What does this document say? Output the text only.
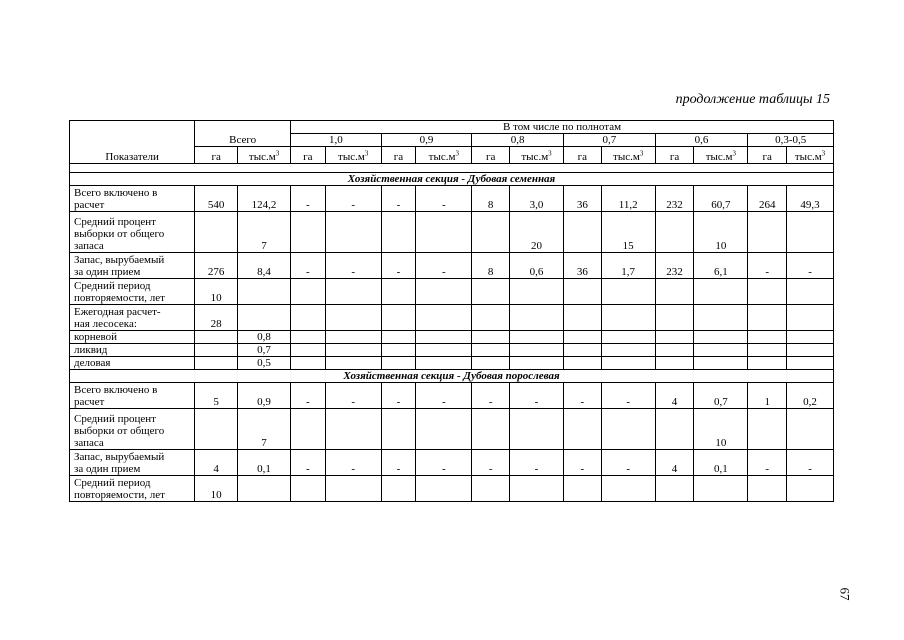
продолжение таблицы 15
Показатели	Всего		В том числе по полнотам											
			1,0		0,9		0,8		0,7		0,6		0,3-0,5	
	га	$тыс.м^3$	га	$тыс.м^3$	га	$тыс.м^3$	га	$тыс.м^3$	га	$тыс.м^3$	га	$тыс.м^3$	га	$тыс.м^3$

Хозяйственная секция - Дубовая семенная														
Всего включено в
расчет	540	124,2	-	-	-	-	8	3,0	36	11,2	232	60,7	264	49,3
Средний процент
выборки от общего
запаса		7						20		15		10		
Запас, вырубаемый
за один прием	276	8,4	-	-	-	-	8	0,6	36	1,7	232	6,1	-	-
Средний период
повторяемости, лет	10													
Ежегодная расчет-
ная лесосека:	28													
корневой		0,8												
ликвид		0,7												
деловая		0,5												
Хозяйственная секция - Дубовая порослевая														
Всего включено в
расчет	5	0,9	-	-	-	-	-	-	-	-	4	0,7	1	0,2
Средний процент
выборки от общего
запаса		7										10		
Запас, вырубаемый
за один прием	4	0,1	-	-	-	-	-	-	-	-	4	0,1	-	-
Средний период
повторяемости, лет	10													
67
